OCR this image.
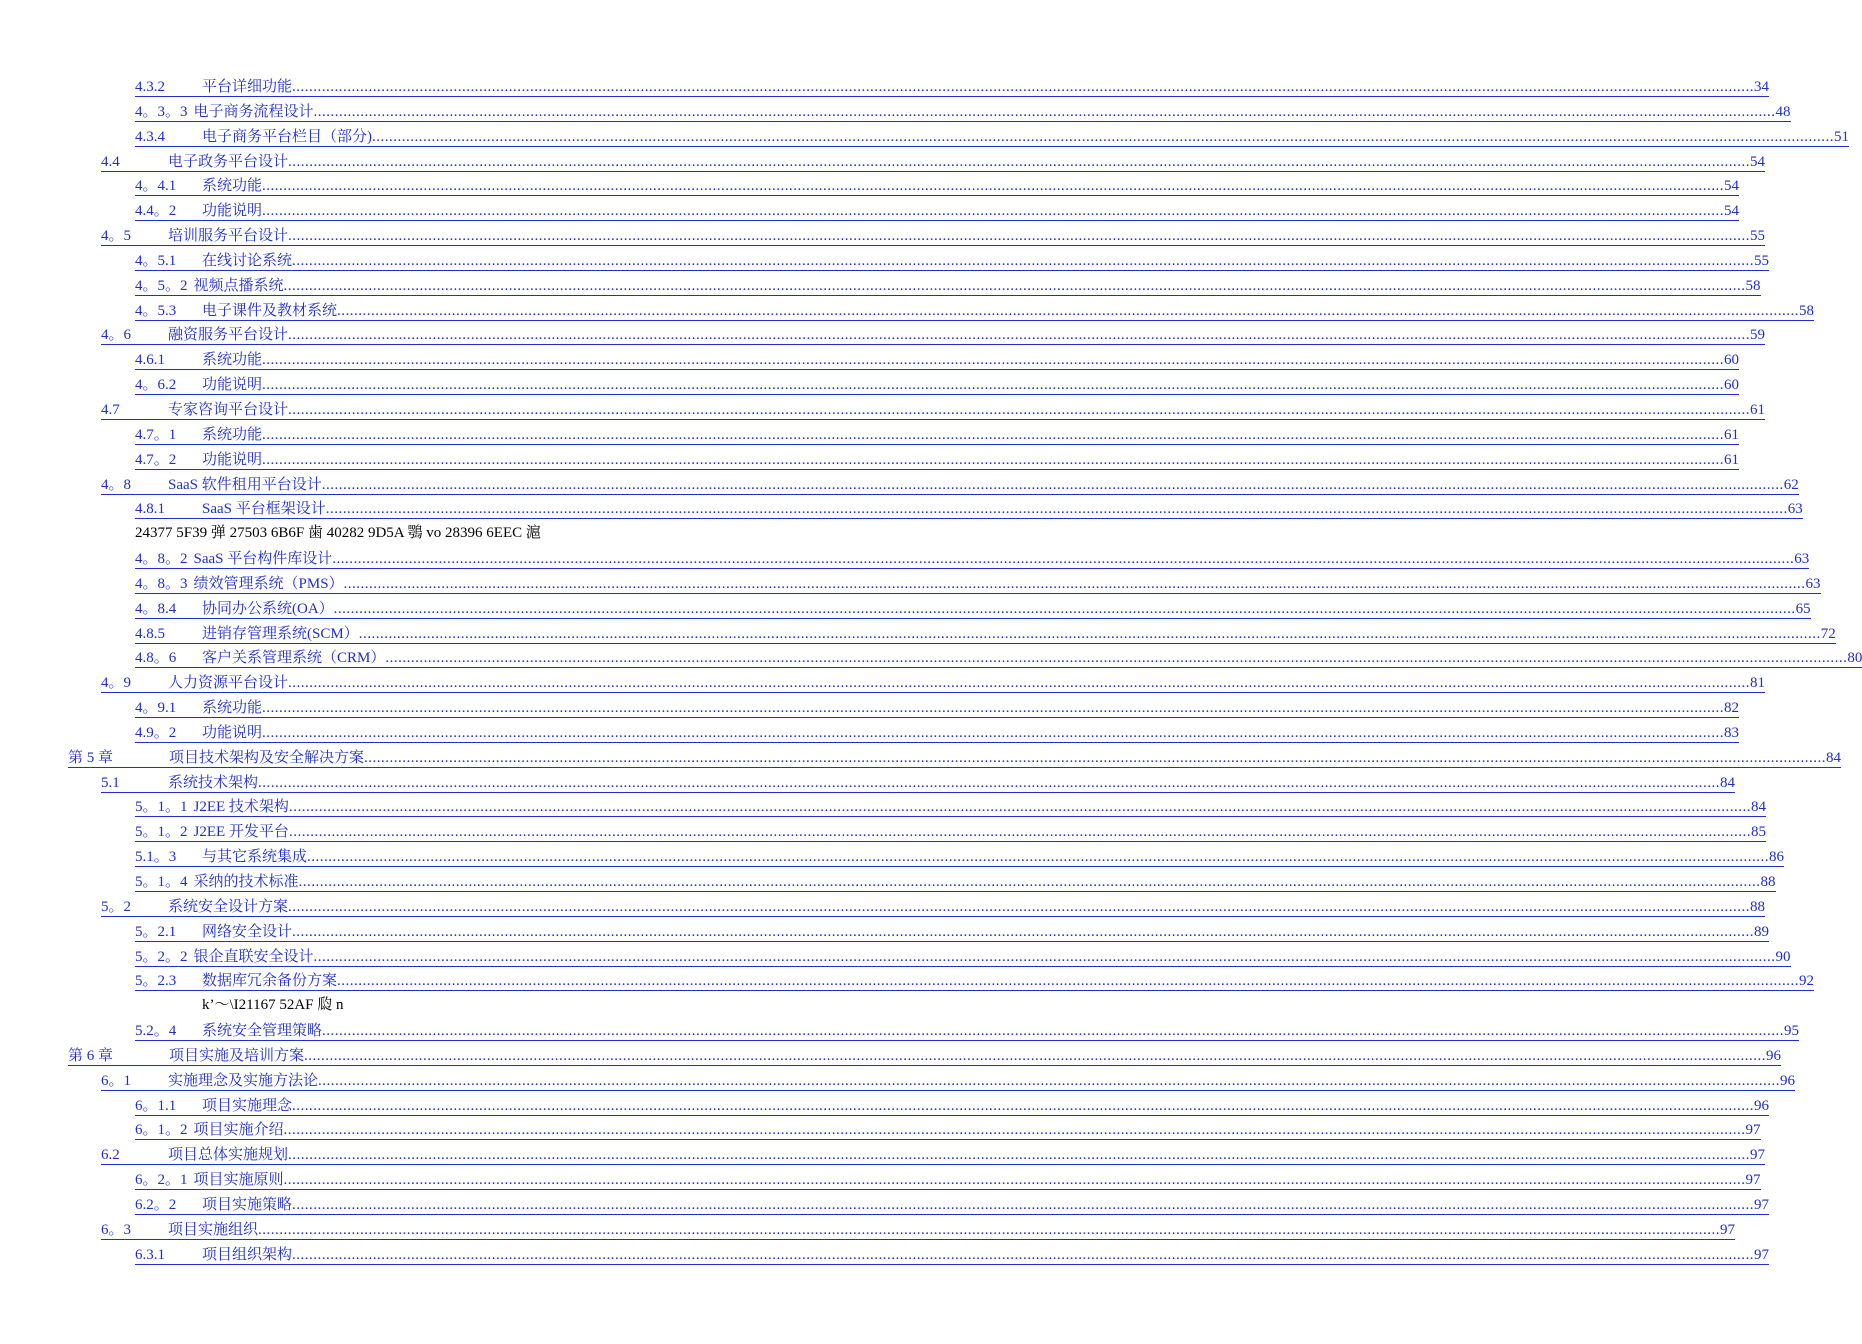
4.3.2	平台详细功能 .....	34
4。3。3 电子商务流程设计 .....	48
4.3.4	电子商务平台栏目（部分) .....	51
4.4	电子政务平台设计 .....	54
4。4.1	系统功能 .....	54
4.4。2	功能说明 .....	54
4。5	培训服务平台设计 .....	55
4。5.1	在线讨论系统 .....	55
4。5。2 视频点播系统 .....	58
4。5.3	电子课件及教材系统 .....	58
4。6	融资服务平台设计 .....	59
4.6.1	系统功能 .....	60
4。6.2	功能说明 .....	60
4.7	专家咨询平台设计 .....	61
4.7。1	系统功能 .....	61
4.7。2	功能说明 .....	61
4。8	SaaS 软件租用平台设计 .....	62
4.8.1	SaaS 平台框架设计 .....	63
24377 5F39 弹 27503 6B6F 歯 40282 9D5A 鶚 vo 28396 6EEC 滬
4。8。2 SaaS 平台构件库设计 .....	63
4。8。3 绩效管理系统（PMS） .....	63
4。8.4	协同办公系统(OA） .....	65
4.8.5	进销存管理系统(SCM） .....	72
4.8。6	客户关系管理系统（CRM） .....	80
4。9	人力资源平台设计 .....	81
4。9.1	系统功能 .....	82
4.9。2	功能说明 .....	83
第 5 章	项目技术架构及安全解决方案 .....	84
5.1	系统技术架构 .....	84
5。1。1 J2EE 技术架构 .....	84
5。1。2 J2EE 开发平台 .....	85
5.1。3	与其它系统集成 .....	86
5。1。4 采纳的技术标准 .....	88
5。2	系统安全设计方案 .....	88
5。2.1	网络安全设计 .....	89
5。2。2 银企直联安全设计 .....	90
5。2.3	数据库冗余备份方案 .....	92
k’～\I21167 52AF 瓝 n
5.2。4	系统安全管理策略 .....	95
第 6 章	项目实施及培训方案 .....	96
6。1	实施理念及实施方法论 .....	96
6。1.1	项目实施理念 .....	96
6。1。2 项目实施介绍 .....	97
6.2	项目总体实施规划 .....	97
6。2。1 项目实施原则 .....	97
6.2。2	项目实施策略 .....	97
6。3	项目实施组织 .....	97
6.3.1	项目组织架构 .....	97
